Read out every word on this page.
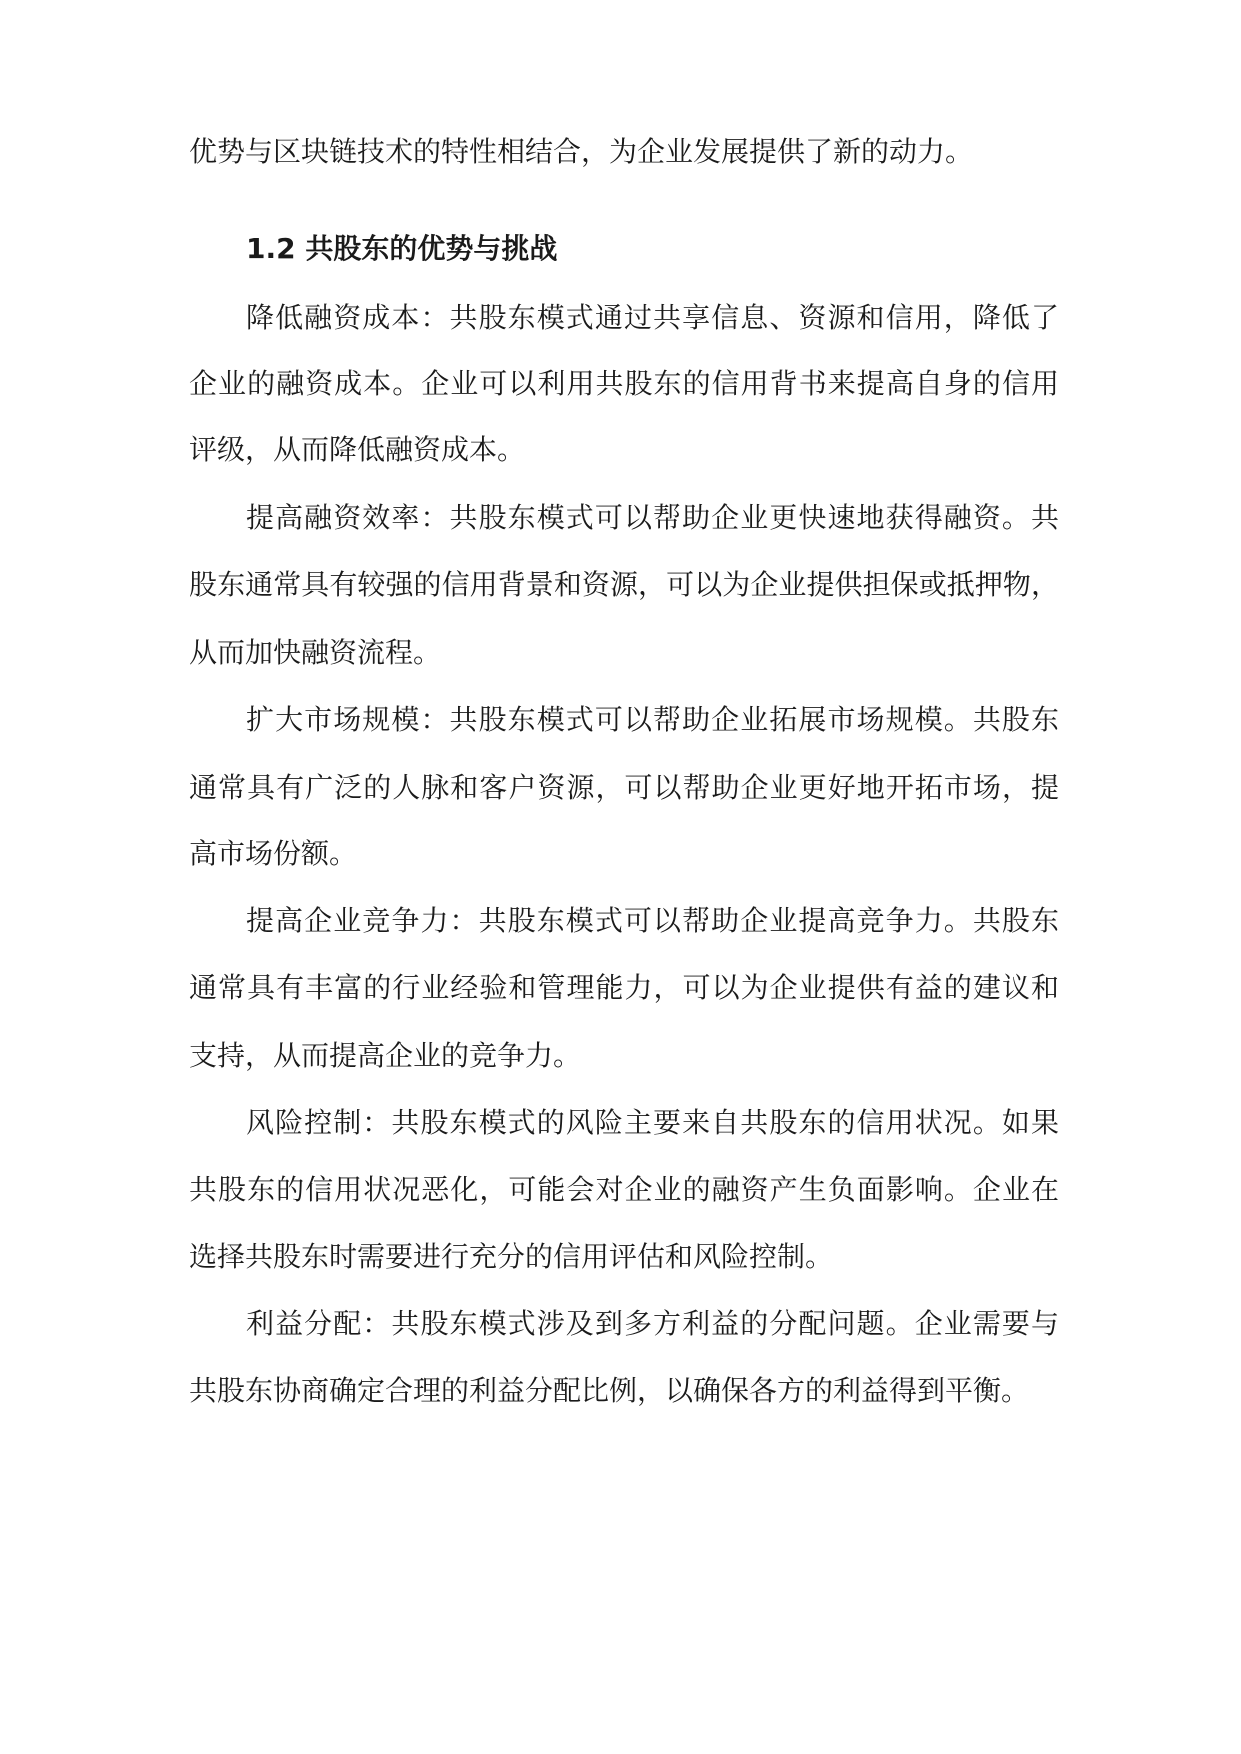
优势与区块链技术的特性相结合，为企业发展提供了新的动力。
1.2 共股东的优势与挑战
降低融资成本：共股东模式通过共享信息、资源和信用，降低了
企业的融资成本。企业可以利用共股东的信用背书来提高自身的信用
评级，从而降低融资成本。
提高融资效率：共股东模式可以帮助企业更快速地获得融资。共
股东通常具有较强的信用背景和资源，可以为企业提供担保或抵押物，
从而加快融资流程。
扩大市场规模：共股东模式可以帮助企业拓展市场规模。共股东
通常具有广泛的人脉和客户资源，可以帮助企业更好地开拓市场，提
高市场份额。
提高企业竞争力：共股东模式可以帮助企业提高竞争力。共股东
通常具有丰富的行业经验和管理能力，可以为企业提供有益的建议和
支持，从而提高企业的竞争力。
风险控制：共股东模式的风险主要来自共股东的信用状况。如果
共股东的信用状况恶化，可能会对企业的融资产生负面影响。企业在
选择共股东时需要进行充分的信用评估和风险控制。
利益分配：共股东模式涉及到多方利益的分配问题。企业需要与
共股东协商确定合理的利益分配比例，以确保各方的利益得到平衡。
